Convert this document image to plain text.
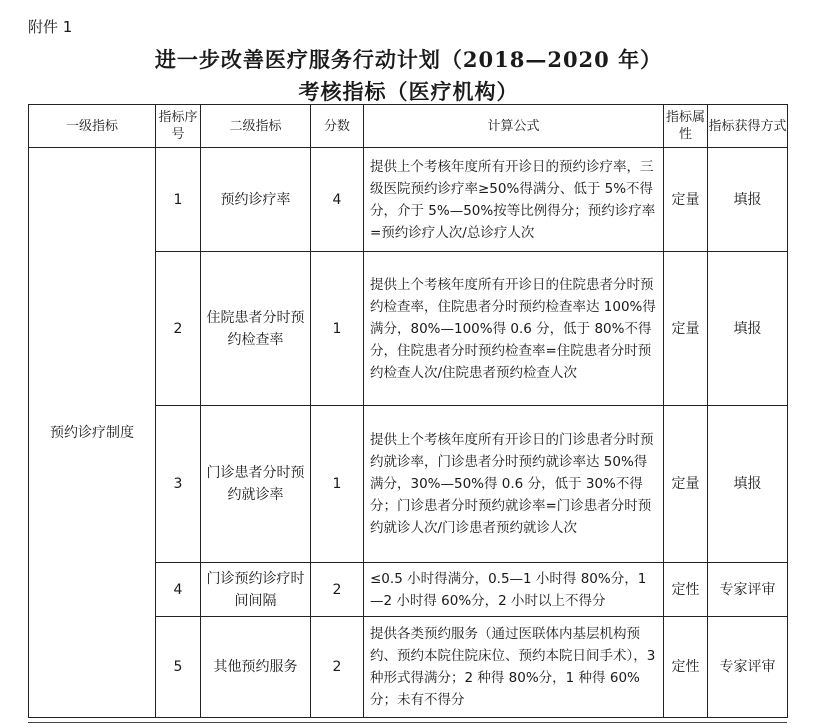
附件 1
进一步改善医疗服务行动计划（2018—2020 年）
考核指标（医疗机构）
一级指标	指标序号	二级指标	分数	计算公式	指标属性	指标获得方式
预约诊疗制度	1	预约诊疗率	4	提供上个考核年度所有开诊日的预约诊疗率，三级医院预约诊疗率≥50%得满分、低于 5%不得分，介于 5%—50%按等比例得分；预约诊疗率=预约诊疗人次/总诊疗人次	定量	填报
	2	住院患者分时预约检查率	1	提供上个考核年度所有开诊日的住院患者分时预约检查率，住院患者分时预约检查率达 100%得满分，80%—100%得 0.6 分，低于 80%不得分，住院患者分时预约检查率=住院患者分时预约检查人次/住院患者预约检查人次	定量	填报
	3	门诊患者分时预约就诊率	1	提供上个考核年度所有开诊日的门诊患者分时预约就诊率，门诊患者分时预约就诊率达 50%得满分，30%—50%得 0.6 分，低于 30%不得分；门诊患者分时预约就诊率=门诊患者分时预约就诊人次/门诊患者预约就诊人次	定量	填报
	4	门诊预约诊疗时间间隔	2	≤0.5 小时得满分，0.5—1 小时得 80%分，1—2 小时得 60%分，2 小时以上不得分	定性	专家评审
	5	其他预约服务	2	提供各类预约服务（通过医联体内基层机构预约、预约本院住院床位、预约本院日间手术），3 种形式得满分；2 种得 80%分，1 种得 60%分；未有不得分	定性	专家评审
